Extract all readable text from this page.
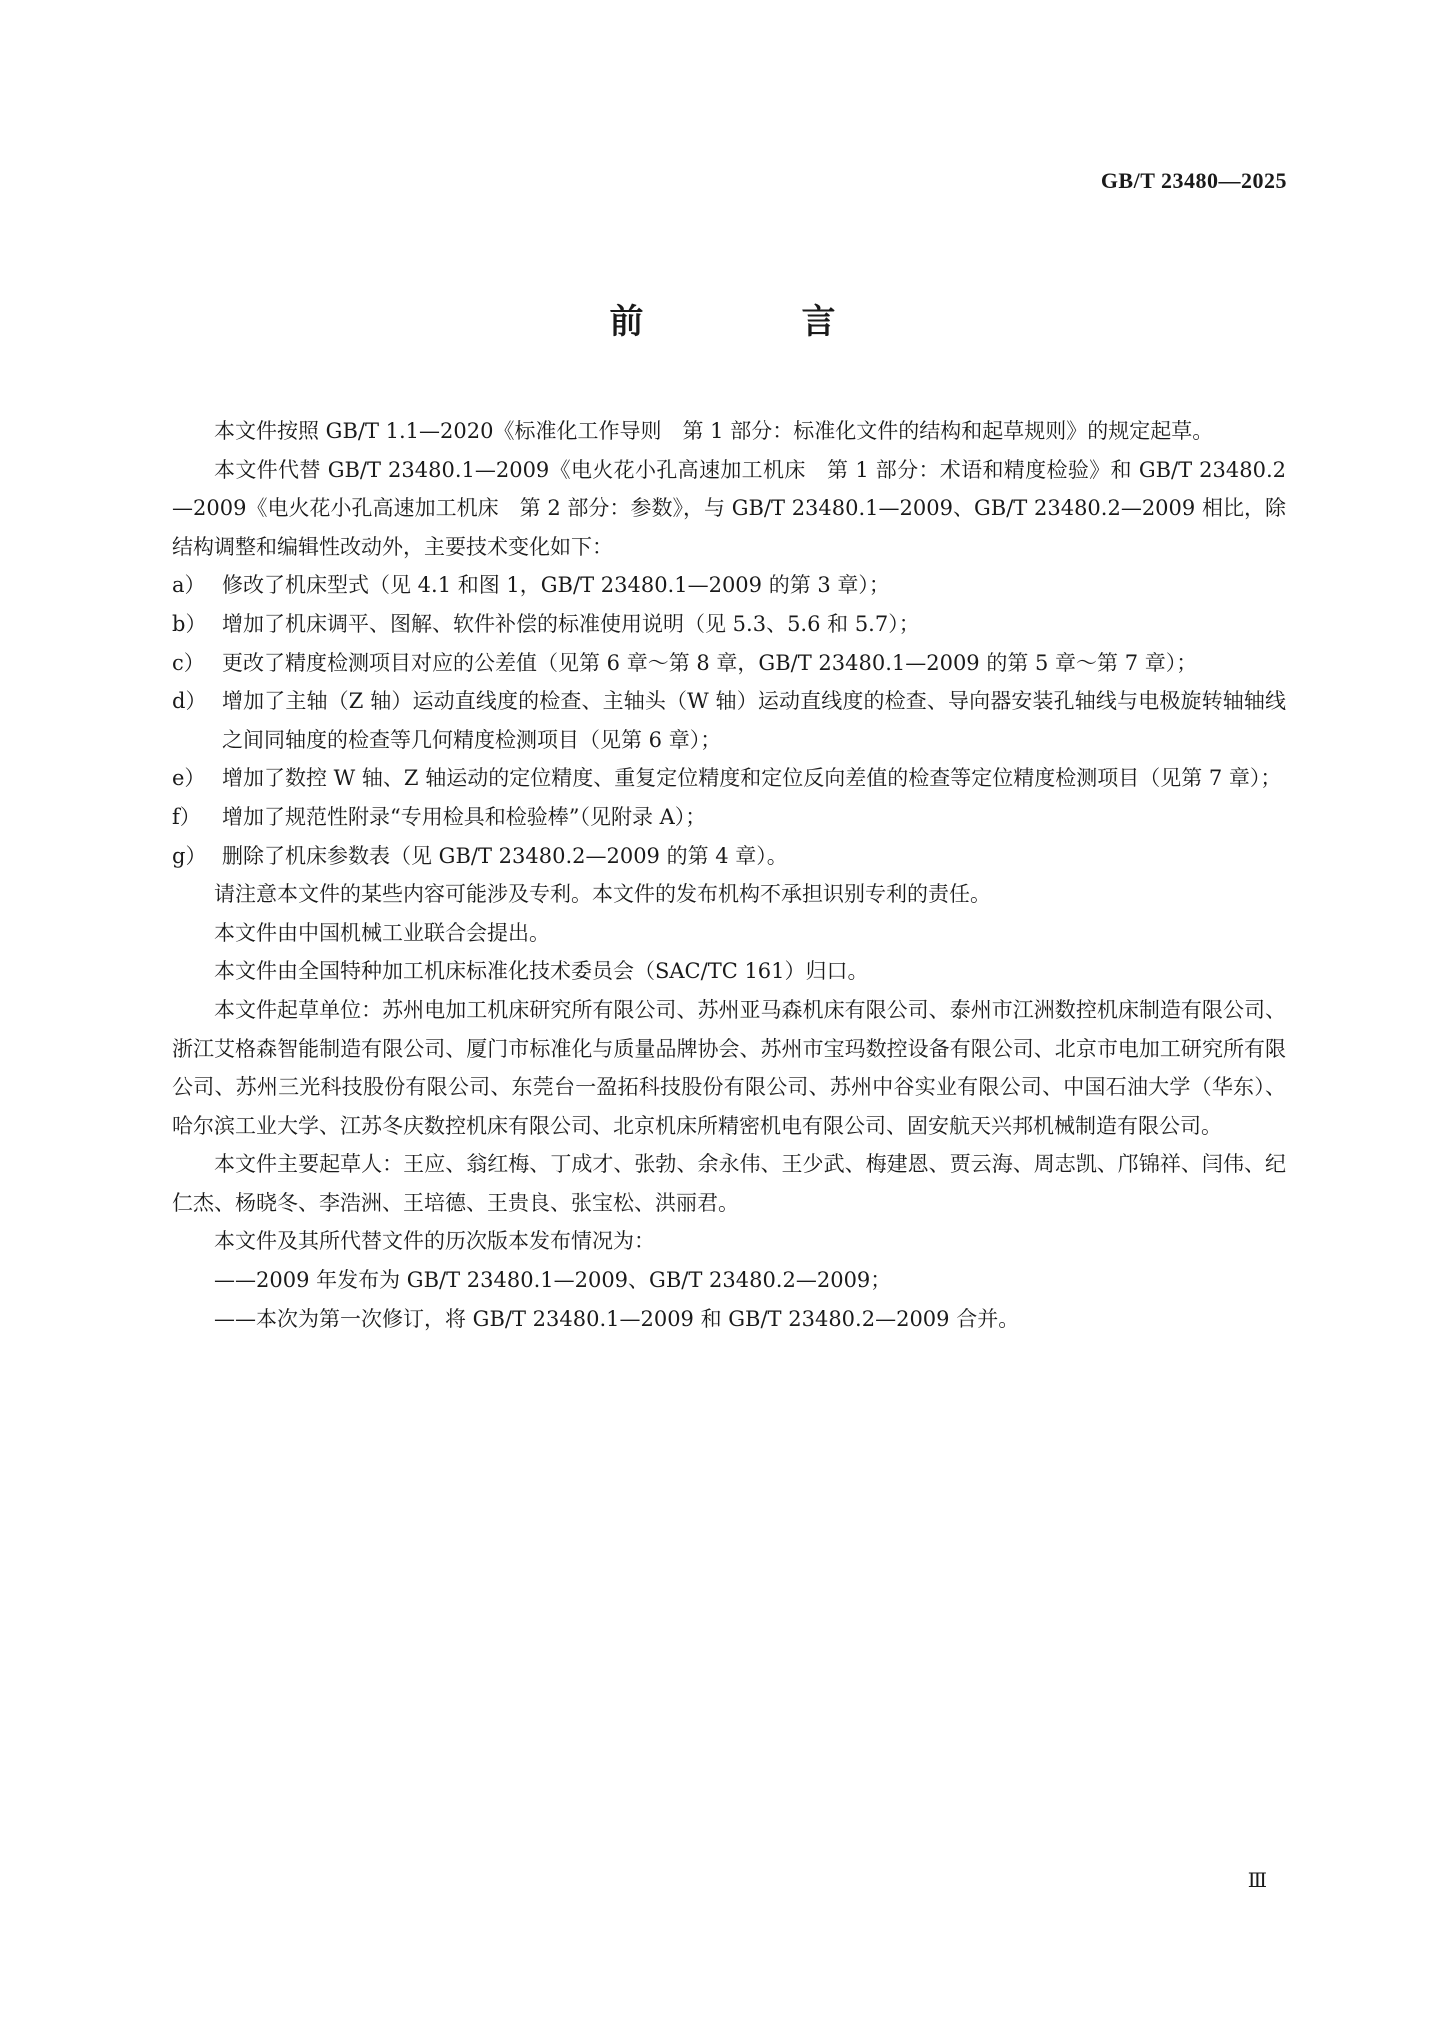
GB/T 23480—2025
前　言

本文件按照 GB/T 1.1—2020《标准化工作导则　第 1 部分：标准化文件的结构和起草规则》的规定起草。

本文件代替 GB/T 23480.1—2009《电火花小孔高速加工机床　第 1 部分：术语和精度检验》和 GB/T 23480.2—2009《电火花小孔高速加工机床　第 2 部分：参数》，与 GB/T 23480.1—2009、GB/T 23480.2—2009 相比，除结构调整和编辑性改动外，主要技术变化如下：

a） 修改了机床型式（见 4.1 和图 1，GB/T 23480.1—2009 的第 3 章）；
b） 增加了机床调平、图解、软件补偿的标准使用说明（见 5.3、5.6 和 5.7）；
c） 更改了精度检测项目对应的公差值（见第 6 章～第 8 章，GB/T 23480.1—2009 的第 5 章～第 7 章）；
d） 增加了主轴（Z 轴）运动直线度的检查、主轴头（W 轴）运动直线度的检查、导向器安装孔轴线与电极旋转轴轴线之间同轴度的检查等几何精度检测项目（见第 6 章）；
e） 增加了数控 W 轴、Z 轴运动的定位精度、重复定位精度和定位反向差值的检查等定位精度检测项目（见第 7 章）；
f）	增加了规范性附录“专用检具和检验棒”（见附录 A）；
g） 删除了机床参数表（见 GB/T 23480.2—2009 的第 4 章）。

请注意本文件的某些内容可能涉及专利。本文件的发布机构不承担识别专利的责任。

本文件由中国机械工业联合会提出。

本文件由全国特种加工机床标准化技术委员会（SAC/TC 161）归口。

本文件起草单位：苏州电加工机床研究所有限公司、苏州亚马森机床有限公司、泰州市江洲数控机床制造有限公司、浙江艾格森智能制造有限公司、厦门市标准化与质量品牌协会、苏州市宝玛数控设备有限公司、北京市电加工研究所有限公司、苏州三光科技股份有限公司、东莞台一盈拓科技股份有限公司、苏州中谷实业有限公司、中国石油大学（华东）、哈尔滨工业大学、江苏冬庆数控机床有限公司、北京机床所精密机电有限公司、固安航天兴邦机械制造有限公司。

本文件主要起草人：王应、翁红梅、丁成才、张勃、余永伟、王少武、梅建恩、贾云海、周志凯、邝锦祥、闫伟、纪仁杰、杨晓冬、李浩洲、王培德、王贵良、张宝松、洪丽君。

本文件及其所代替文件的历次版本发布情况为：

——2009 年发布为 GB/T 23480.1—2009、GB/T 23480.2—2009；
——本次为第一次修订，将 GB/T 23480.1—2009 和 GB/T 23480.2—2009 合并。
Ⅲ
